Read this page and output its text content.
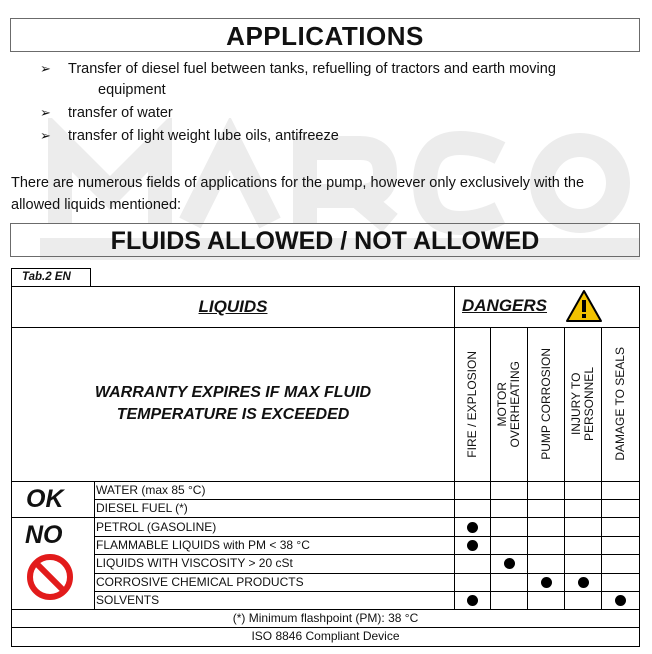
APPLICATIONS
➢ Transfer of diesel fuel between tanks, refuelling of tractors and earth moving
equipment
➢ transfer of water
➢ transfer of light weight lube oils, antifreeze
There are numerous fields of applications for the pump, however only exclusively with the
allowed liquids mentioned:
FLUIDS ALLOWED / NOT ALLOWED
Tab.2 EN
LIQUIDS	DANGERS
WARRANTY EXPIRES IF MAX FLUID
TEMPERATURE IS EXCEEDED	FIRE / EXPLOSION MOTOR OVERHEATING PUMP CORROSION INJURY TO PERSONNEL DAMAGE TO SEALS
OK
NO
WATER (max 85 °C)
DIESEL FUEL (*)
PETROL (GASOLINE)
FLAMMABLE LIQUIDS with PM < 38 °C
LIQUIDS WITH VISCOSITY > 20 cSt
CORROSIVE CHEMICAL PRODUCTS
SOLVENTS
(*) Minimum flashpoint (PM): 38 °C
ISO 8846 Compliant Device
